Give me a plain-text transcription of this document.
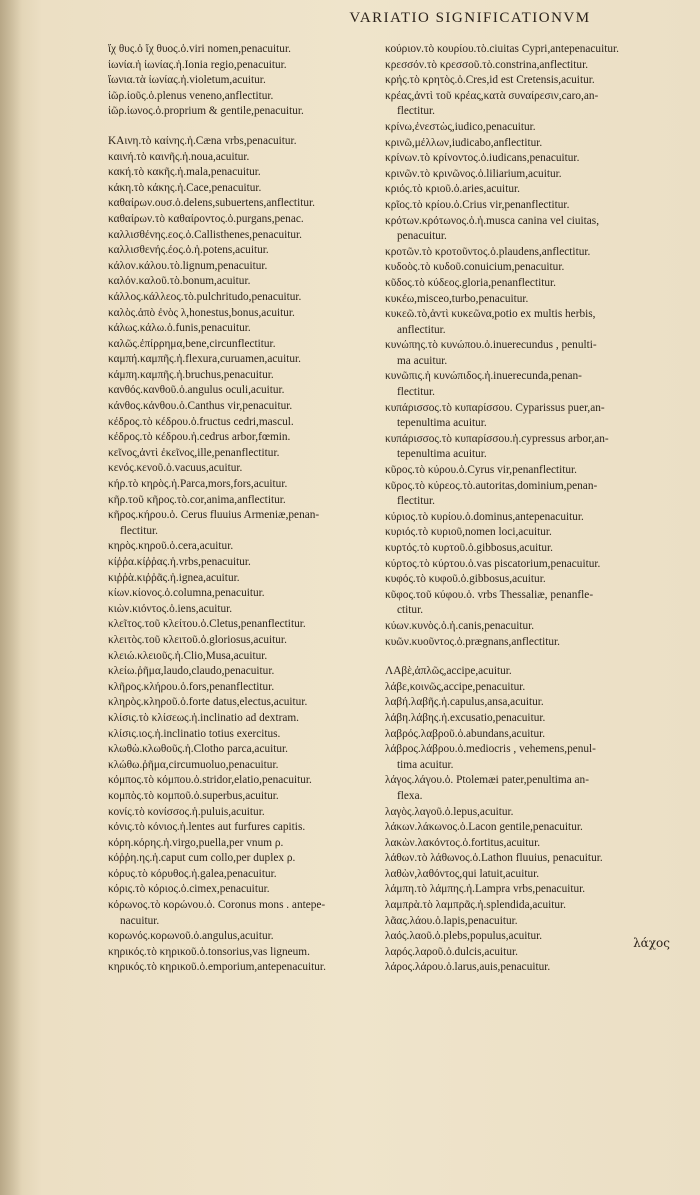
VARIATIO SIGNIFICATIONVM
ἴχ θυς.ὁ ἴχ θυος.ὁ.viri nomen,penacuitur.
ἰωνία.ἡ ἰωνίας.ἡ.Ionia regio,penacuitur.
ἴωνια.τὰ ἰωνίας.ἡ.violetum,acuitur.
ἰῶρ.ἰοῦς.ὁ.plenus veneno,anflectitur.
ἰῶρ.ἰωνος.ὁ.proprium & gentile,penacuitur.
ΚΑινη.τὸ καίνης.ἡ.Cæna vrbs,penacuitur.
καινή.τὸ καινῆς.ἡ.noua,acuitur.
κακή.τὸ κακῆς.ἡ.mala,penacuitur.
κάκη.τὸ κάκης.ἡ.Cace,penacuitur.
καθαίρων.ουσ.ὁ.delens,subuertens,anflectitur.
καθαίρων.τὸ καθαίροντος.ὁ.purgans,penac.
καλλισθένης.εος.ὁ.Callisthenes,penacuitur.
καλλισθενής.έος.ὁ.ἡ.potens,acuitur.
κάλον.κάλου.τὸ.lignum,penacuitur.
καλόν.καλοῦ.τὸ.bonum,acuitur.
κάλλος.κάλλεος.τὸ.pulchritudo,penacuitur.
καλὸς.ἀπὸ ἐνὸς λ,honestus,bonus,acuitur.
κάλως.κάλω.ὁ.funis,penacuitur.
καλῶς.ἐπίρρημα,bene,circunflectitur.
καμπή.καμπῆς.ἡ.flexura,curuamen,acuitur.
κάμπη.καμπῆς.ἡ.bruchus,penacuitur.
κανθός.κανθοῦ.ὁ.angulus oculi,acuitur.
κάνθος.κάνθου.ὁ.Canthus vir,penacuitur.
κέδρος.τὸ κέδρου.ὁ.fructus cedri,mascul.
κέδρος.τὸ κέδρου.ἡ.cedrus arbor,fœmin.
κεῖνος,ἀντὶ ἐκεῖνος,ille,penanflectitur.
κενός.κενοῦ.ὁ.vacuus,acuitur.
κήρ.τὸ κηρὸς.ἡ.Parca,mors,fors,acuitur.
κῆρ.τοῦ κῆρος.τὸ.cor,anima,anflectitur.
κῆρος.κήρου.ὁ. Cerus fluuius Armeniæ,penan-
flectitur.
κηρὸς.κηροῦ.ὁ.cera,acuitur.
κίῤῥα.κίῤῥας.ἡ.vrbs,penacuitur.
κιῤῥὰ.κιῤῥᾶς.ἡ.ignea,acuitur.
κίων.κίονος.ὁ.columna,penacuitur.
κιὼν.κιόντος.ὁ.iens,acuitur.
κλεῖτος.τοῦ κλείτου.ὁ.Cletus,penanflectitur.
κλειτὸς.τοῦ κλειτοῦ.ὁ.gloriosus,acuitur.
κλειώ.κλειοῦς.ἡ.Clio,Musa,acuitur.
κλείω.ῥῆμα,laudo,claudo,penacuitur.
κλῆρος.κλήρου.ὁ.fors,penanflectitur.
κληρὸς.κληροῦ.ὁ.forte datus,electus,acuitur.
κλίσις.τὸ κλίσεως.ἡ.inclinatio ad dextram.
κλίσις.ιος.ἡ.inclinatio totius exercitus.
κλωθὼ.κλωθοῦς.ἡ.Clotho parca,acuitur.
κλώθω.ῥῆμα,circumuoluo,penacuitur.
κόμπος.τὸ κόμπου.ὁ.stridor,elatio,penacuitur.
κομπὸς.τὸ κομποῦ.ὁ.superbus,acuitur.
κονίς.τὸ κονίσσος.ἡ.puluis,acuitur.
κόνις.τὸ κόνιος.ἡ.lentes aut furfures capitis.
κόρη.κόρης.ἡ.virgo,puella,per vnum ρ.
κόῤῥη.ης.ἡ.caput cum collo,per duplex ρ.
κόρυς.τὸ κόρυθος.ἡ.galea,penacuitur.
κόρις.τὸ κόριος.ὁ.cimex,penacuitur.
κόρωνος.τὸ κορώνου.ὁ. Coronus mons . antepe-
nacuitur.
κορωνός.κορωνοῦ.ὁ.angulus,acuitur.
κηρικός.τὸ κηρικοῦ.ὁ.tonsorius,vas ligneum.
κηρικός.τὸ κηρικοῦ.ὁ.emporium,antepenacuitur.
κούριον.τὸ κουρίου.τὸ.ciuitas Cypri,antepenacuitur.
κρεσσόν.τὸ κρεσσοῦ.τὸ.constrina,anflectitur.
κρής.τὸ κρητὸς.ὁ.Cres,id est Cretensis,acuitur.
κρέας,ἀντὶ τοῦ κρέας,κατὰ συναίρεσιν,caro,an-
flectitur.
κρίνω,ἐνεστὼς,iudico,penacuitur.
κρινῶ,μέλλων,iudicabo,anflectitur.
κρίνων.τὸ κρίνοντος.ὁ.iudicans,penacuitur.
κρινῶν.τὸ κρινῶνος.ὁ.liliarium,acuitur.
κριός.τὸ κριοῦ.ὁ.aries,acuitur.
κρῖος.τὸ κρίου.ὁ.Crius vir,penanflectitur.
κρότων.κρότωνος.ὁ.ἡ.musca canina vel ciuitas,
penacuitur.
κροτῶν.τὸ κροτοῦντος.ὁ.plaudens,anflectitur.
κυδοὸς.τὸ κυδοῦ.conuicium,penacuitur.
κῦδος.τὸ κύδεος.gloria,penanflectitur.
κυκέω,misceo,turbo,penacuitur.
κυκεῶ.τὸ,ἀντὶ κυκεῶνα,potio ex multis herbis,
anflectitur.
κυνώπης.τὸ κυνώπου.ὁ.inuerecundus , penulti-
ma acuitur.
κυνῶπις.ἡ κυνώπιδος.ἡ.inuerecunda,penan-
flectitur.
κυπάρισσος.τὸ κυπαρίσσου. Cyparissus puer,an-
tepenultima acuitur.
κυπάρισσος.τὸ κυπαρίσσου.ἡ.cypressus arbor,an-
tepenultima acuitur.
κῦρος.τὸ κύρου.ὁ.Cyrus vir,penanflectitur.
κῦρος.τὸ κύρεος.τὸ.autoritas,dominium,penan-
flectitur.
κύριος.τὸ κυρίου.ὁ.dominus,antepenacuitur.
κυριός.τὸ κυριοῦ,nomen loci,acuitur.
κυρτός.τὸ κυρτοῦ.ὁ.gibbosus,acuitur.
κύρτος.τὸ κύρτου.ὁ.vas piscatorium,penacuitur.
κυφός.τὸ κυφοῦ.ὁ.gibbosus,acuitur.
κῦφος.τοῦ κύφου.ὁ. vrbs Thessaliæ, penanfle-
ctitur.
κύων.κυνὸς.ὁ.ἡ.canis,penacuitur.
κυῶν.κυοῦντος.ὁ.prægnans,anflectitur.
ΛΑβὲ,ἀπλῶς,accipe,acuitur.
λάβε,κοινῶς,accipe,penacuitur.
λαβή.λαβῆς.ἡ.capulus,ansa,acuitur.
λάβη.λάβης.ἡ.excusatio,penacuitur.
λαβρός.λαβροῦ.ὁ.abundans,acuitur.
λάβρος.λάβρου.ὁ.mediocris , vehemens,penul-
tima acuitur.
λάγος.λάγου.ὁ. Ptolemæi pater,penultima an-
flexa.
λαγὸς.λαγοῦ.ὁ.lepus,acuitur.
λάκων.λάκωνος.ὁ.Lacon gentile,penacuitur.
λακὼν.λακόντος.ὁ.fortitus,acuitur.
λάθων.τὸ λάθωνος.ὁ.Lathon fluuius, penacuitur.
λαθὼν,λαθόντος,qui latuit,acuitur.
λάμπη.τὸ λάμπης.ἡ.Lampra vrbs,penacuitur.
λαμπρὰ.τὸ λαμπρᾶς.ἡ.splendida,acuitur.
λᾶας.λάου.ὁ.lapis,penacuitur.
λαός.λαοῦ.ὁ.plebs,populus,acuitur.
λαρός.λαροῦ.ὁ.dulcis,acuitur.
λάρος.λάρου.ὁ.larus,auis,penacuitur.
λάχος
